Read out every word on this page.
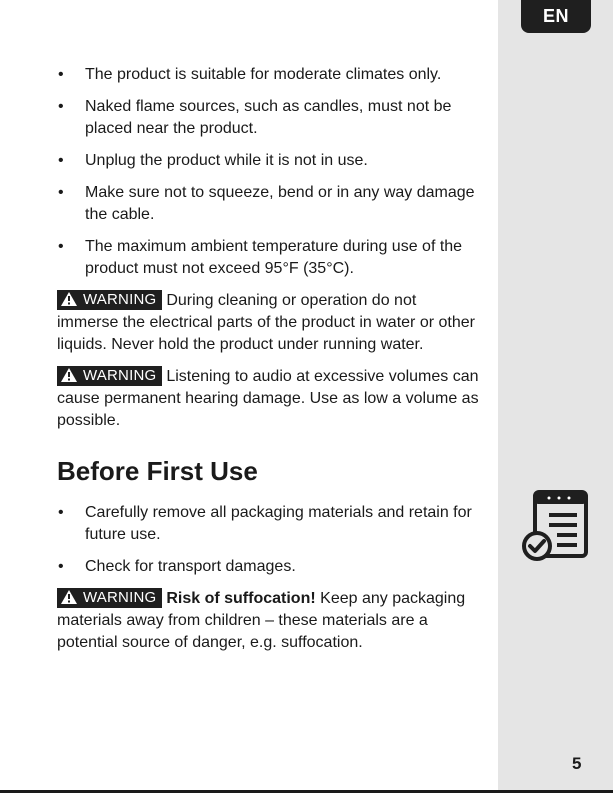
EN
• The product is suitable for moderate climates only.
• Naked flame sources, such as candles, must not be placed near the product.
• Unplug the product while it is not in use.
• Make sure not to squeeze, bend or in any way damage the cable.
• The maximum ambient temperature during use of the product must not exceed 95°F (35°C).

WARNING During cleaning or operation do not immerse the electrical parts of the product in water or other liquids. Never hold the product under running water.

WARNING Listening to audio at excessive volumes can cause permanent hearing damage. Use as low a volume as possible.

Before First Use
• Carefully remove all packaging materials and retain for future use.
• Check for transport damages.

WARNING Risk of suffocation! Keep any packaging materials away from children – these materials are a potential source of danger, e.g. suffocation.

5
